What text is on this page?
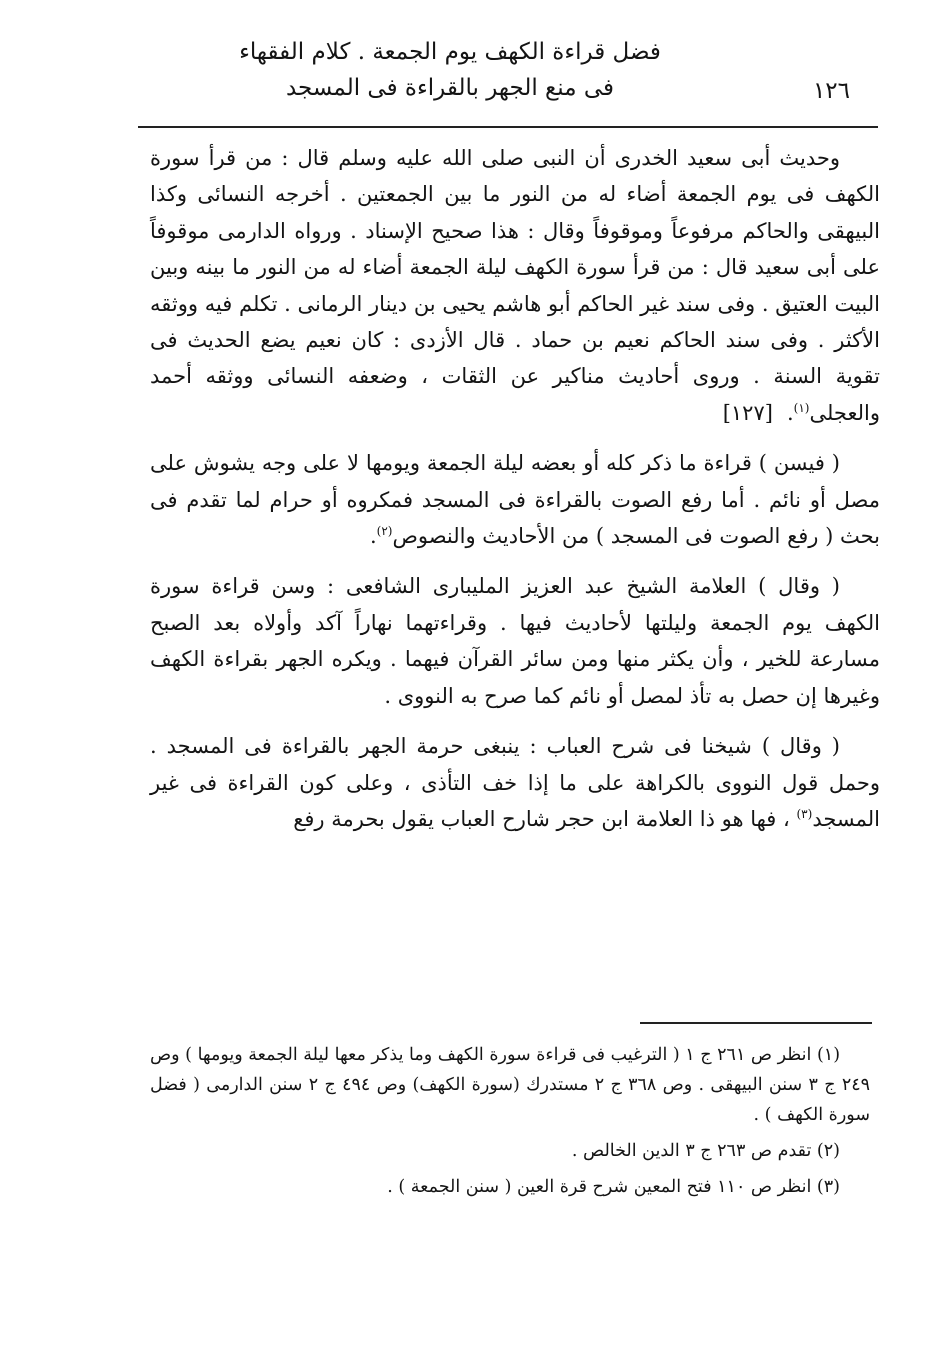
فضل قراءة الكهف يوم الجمعة . كلام الفقهاء
فى منع الجهر بالقراءة فى المسجد	١٢٦

وحديث أبى سعيد الخدرى أن النبى صلى الله عليه وسلم قال : من قرأ سورة الكهف فى يوم الجمعة أضاء له من النور ما بين الجمعتين . أخرجه النسائى وكذا البيهقى والحاكم مرفوعاً وموقوفاً وقال : هذا صحيح الإسناد . ورواه الدارمى موقوفاً على أبى سعيد قال : من قرأ سورة الكهف ليلة الجمعة أضاء له من النور ما بينه وبين البيت العتيق . وفى سند غير الحاكم أبو هاشم يحيى بن دينار الرمانى . تكلم فيه ووثقه الأكثر . وفى سند الحاكم نعيم بن حماد . قال الأزدى : كان نعيم يضع الحديث فى تقوية السنة . وروى أحاديث مناكير عن الثقات ، وضعفه النسائى ووثقه أحمد والعجلى$^{(١)}$.[١٢٧]

( فيسن ) قراءة ما ذكر كله أو بعضه ليلة الجمعة ويومها لا على وجه يشوش على مصل أو نائم . أما رفع الصوت بالقراءة فى المسجد فمكروه أو حرام لما تقدم فى بحث ( رفع الصوت فى المسجد ) من الأحاديث والنصوص$^{(٢)}$.

( وقال ) العلامة الشيخ عبد العزيز المليبارى الشافعى : وسن قراءة سورة الكهف يوم الجمعة وليلتها لأحاديث فيها . وقراءتهما نهاراً آكد وأولاه بعد الصبح مسارعة للخير ، وأن يكثر منها ومن سائر القرآن فيهما . ويكره الجهر بقراءة الكهف وغيرها إن حصل به تأذ لمصل أو نائم كما صرح به النووى .

( وقال ) شيخنا فى شرح العباب : ينبغى حرمة الجهر بالقراءة فى المسجد . وحمل قول النووى بالكراهة على ما إذا خف التأذى ، وعلى كون القراءة فى غير المسجد$^{(٣)}$ ، فها هو ذا العلامة ابن حجر شارح العباب يقول بحرمة رفع

(١) انظر ص ٢٦١ ج ١ ( الترغيب فى قراءة سورة الكهف وما يذكر معها ليلة الجمعة ويومها ) وص ٢٤٩ ج ٣ سنن البيهقى . وص ٣٦٨ ج ٢ مستدرك (سورة الكهف) وص ٤٩٤ ج ٢ سنن الدارمى ( فضل سورة الكهف ) .

(٢) تقدم ص ٢٦٣ ج ٣ الدين الخالص .

(٣) انظر ص ١١٠ فتح المعين شرح قرة العين ( سنن الجمعة ) .
